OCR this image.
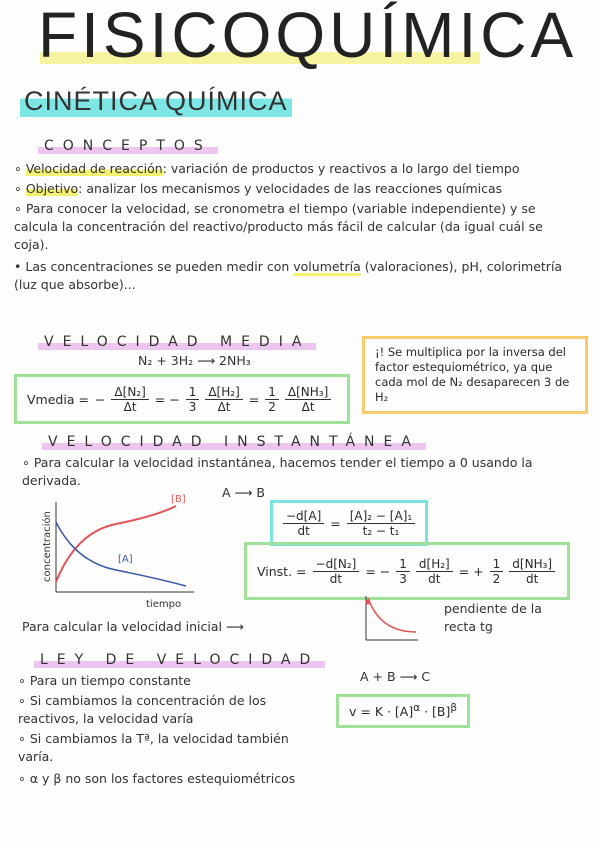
FISICOQUÍMICA
CINÉTICA QUÍMICA
CONCEPTOS

∘ Velocidad de reacción: variación de productos y reactivos a lo largo del tiempo

∘ Objetivo: analizar los mecanismos y velocidades de las reacciones químicas

∘ Para conocer la velocidad, se cronometra el tiempo (variable independiente) y se calcula la concentración del reactivo/producto más fácil de calcular (da igual cuál se coja).

• Las concentraciones se pueden medir con volumetría (valoraciones), pH, colorimetría (luz que absorbe)...

VELOCIDAD MEDIA
N₂ + 3H₂ ⟶ 2NH₃
Vmedia = − $\frac{\text{Δ[N₂]}}{\Delta t}$ = − $\frac{1}{3} \frac{\text{Δ[H₂]}}{\Delta t} = \frac{1}{2} \frac{\text{Δ[NH₃]}}{\Delta t}$
¡! Se multiplica por la inversa del factor estequiométrico, ya que cada mol de N₂ desaparecen 3 de H₂
VELOCIDAD INSTANTÁNEA
∘ Para calcular la velocidad instantánea, hacemos tender el tiempo a 0 usando la derivada.
A ⟶ B
[B]
[A]
tiempo
concentración	$\frac{-d[A]}{dt} = \frac{\text{[A]₂ − [A]₁}}{\text{t₂ − t₁}}$
Vinst. = $\frac{\text{−d[N₂]}}{dt}$ = − $\frac{1}{3} \frac{\text{d[H₂]}}{dt}$ = + $\frac{1}{2} \frac{\text{d[NH₃]}}{dt}$
Para calcular la velocidad inicial ⟶
pendiente de la recta tg
LEY DE VELOCIDAD

∘ Para un tiempo constante

∘ Si cambiamos la concentración de los reactivos, la velocidad varía

∘ Si cambiamos la Tª, la velocidad también varía.

∘ α y β no son los factores estequiométricos

A + B ⟶ C
$v = K \cdot [A]^\alpha \cdot [B]^\beta$
